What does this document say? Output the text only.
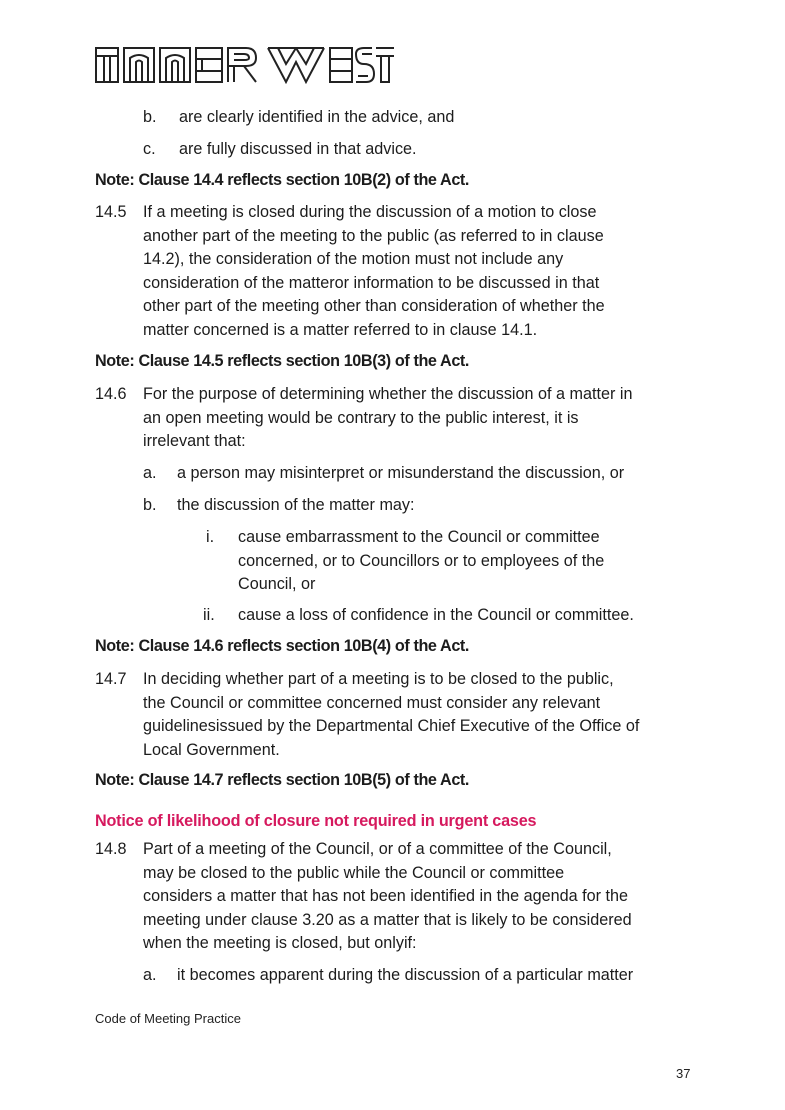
b. are clearly identified in the advice, and
c. are fully discussed in that advice.
Note: Clause 14.4 reflects section 10B(2) of the Act.
14.5 If a meeting is closed during the discussion of a motion to close
another part of the meeting to the public (as referred to in clause
14.2), the consideration of the motion must not include any
consideration of the matteror information to be discussed in that
other part of the meeting other than consideration of whether the
matter concerned is a matter referred to in clause 14.1.
Note: Clause 14.5 reflects section 10B(3) of the Act.
14.6 For the purpose of determining whether the discussion of a matter in
an open meeting would be contrary to the public interest, it is
irrelevant that:
a. a person may misinterpret or misunderstand the discussion, or
b. the discussion of the matter may:
i. cause embarrassment to the Council or committee
concerned, or to Councillors or to employees of the
Council, or
ii. cause a loss of confidence in the Council or committee.
Note: Clause 14.6 reflects section 10B(4) of the Act.
14.7 In deciding whether part of a meeting is to be closed to the public,
the Council or committee concerned must consider any relevant
guidelinesissued by the Departmental Chief Executive of the Office of
Local Government.
Note: Clause 14.7 reflects section 10B(5) of the Act.
Notice of likelihood of closure not required in urgent cases
14.8 Part of a meeting of the Council, or of a committee of the Council,
may be closed to the public while the Council or committee
considers a matter that has not been identified in the agenda for the
meeting under clause 3.20 as a matter that is likely to be considered
when the meeting is closed, but onlyif:
a. it becomes apparent during the discussion of a particular matter
Code of Meeting Practice
37
